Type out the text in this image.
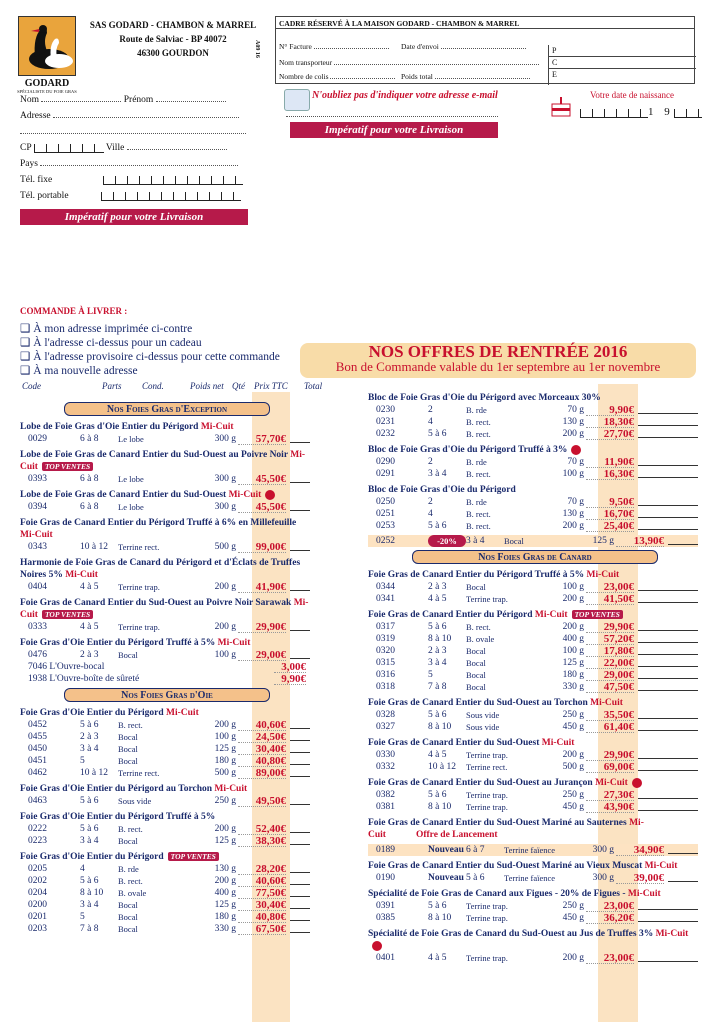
GODARD
SPÉCIALISTE DU FOIE GRAS
SAS GODARD - CHAMBON & MARREL
Route de Salviac - BP 40072
46300 GOURDON	A09 16
CADRE RÉSERVÉ À LA MAISON GODARD - CHAMBON & MARREL
N° Facture	Date d'envoi
Nom transporteur
Nombre de colis	Poids total
P
C
E
Nom	Prénom
Adresse
CP	Ville
Pays
Tél. fixe
Tél. portable
Impératif pour votre Livraison
N'oubliez pas d'indiquer votre adresse e-mail
Impératif pour votre Livraison
Votre date de naissance
1 9
COMMANDE À LIVRER :
❑ À mon adresse imprimée ci-contre
❑ À l'adresse ci-dessus pour un cadeau
❑ À l'adresse provisoire ci-dessus pour cette commande
❑ À ma nouvelle adresse
NOS OFFRES DE RENTRÉE 2016
Bon de Commande valable du 1er septembre au 1er novembre
Code	Parts Cond.	Poids net Qté Prix TTC Total
Nos Foies Gras d'Exception
Lobe de Foie Gras d'Oie Entier du Périgord Mi-Cuit
0029	6 à 8	Le lobe	300 g	57,70€
Lobe de Foie Gras de Canard Entier du Sud-Ouest au Poivre Noir Mi-Cuit TOP VENTES
0393	6 à 8	Le lobe	300 g	45,50€
Lobe de Foie Gras de Canard Entier du Sud-Ouest Mi-Cuit
0394	6 à 8	Le lobe	300 g	45,50€
Foie Gras de Canard Entier du Périgord Truffé à 6% en Millefeuille Mi-Cuit
0343	10 à 12	Terrine rect.	500 g	99,00€
Harmonie de Foie Gras de Canard du Périgord et d'Éclats de Truffes Noires 5% Mi-Cuit
0404	4 à 5	Terrine trap.	200 g	41,90€
Foie Gras de Canard Entier du Sud-Ouest au Poivre Noir Sarawak Mi-Cuit TOP VENTES
0333	4 à 5	Terrine trap.	200 g	29,90€
Foie Gras d'Oie Entier du Périgord Truffé à 5% Mi-Cuit
0476	2 à 3	Bocal	100 g	29,00€
7046 L'Ouvre-bocal	3,00€
1938 L'Ouvre-boîte de sûreté	9,90€
Nos Foies Gras d'Oie
Foie Gras d'Oie Entier du Périgord Mi-Cuit
0452	5 à 6	B. rect.	200 g	40,60€
0455	2 à 3	Bocal	100 g	24,50€
0450	3 à 4	Bocal	125 g	30,40€
0451	5	Bocal	180 g	40,80€
0462	10 à 12	Terrine rect.	500 g	89,00€
Foie Gras d'Oie Entier du Périgord au Torchon Mi-Cuit
0463	5 à 6	Sous vide	250 g	49,50€
Foie Gras d'Oie Entier du Périgord Truffé à 5%
0222	5 à 6	B. rect.	200 g	52,40€
0223	3 à 4	Bocal	125 g	38,30€
Foie Gras d'Oie Entier du Périgord TOP VENTES
0205	4	B. rde	130 g	28,20€
0202	5 à 6	B. rect.	200 g	40,60€
0204	8 à 10	B. ovale	400 g	77,50€
0200	3 à 4	Bocal	125 g	30,40€
0201	5	Bocal	180 g	40,80€
0203	7 à 8	Bocal	330 g	67,50€
Bloc de Foie Gras d'Oie du Périgord avec Morceaux 30%
0230	2	B. rde	70 g	9,90€
0231	4	B. rect.	130 g	18,30€
0232	5 à 6	B. rect.	200 g	27,70€
Bloc de Foie Gras d'Oie du Périgord Truffé à 3%
0290	2	B. rde	70 g	11,90€
0291	3 à 4	B. rect.	100 g	16,30€
Bloc de Foie Gras d'Oie du Périgord
0250	2	B. rde	70 g	9,50€
0251	4	B. rect.	130 g	16,70€
0253	5 à 6	B. rect.	200 g	25,40€
0252	-20% 3 à 4	Bocal	125 g	13,90€
Nos Foies Gras de Canard
Foie Gras de Canard Entier du Périgord Truffé à 5% Mi-Cuit
0344	2 à 3	Bocal	100 g	23,00€
0341	4 à 5	Terrine trap.	200 g	41,50€
Foie Gras de Canard Entier du Périgord Mi-Cuit TOP VENTES
0317	5 à 6	B. rect.	200 g	29,90€
0319	8 à 10	B. ovale	400 g	57,20€
0320	2 à 3	Bocal	100 g	17,80€
0315	3 à 4	Bocal	125 g	22,00€
0316	5	Bocal	180 g	29,00€
0318	7 à 8	Bocal	330 g	47,50€
Foie Gras de Canard Entier du Sud-Ouest au Torchon Mi-Cuit
0328	5 à 6	Sous vide	250 g	35,50€
0327	8 à 10	Sous vide	450 g	61,40€
Foie Gras de Canard Entier du Sud-Ouest Mi-Cuit
0330	4 à 5	Terrine trap.	200 g	29,90€
0332	10 à 12	Terrine rect.	500 g	69,00€
Foie Gras de Canard Entier du Sud-Ouest au Jurançon Mi-Cuit
0382	5 à 6	Terrine trap.	250 g	27,30€
0381	8 à 10	Terrine trap.	450 g	43,90€
Foie Gras de Canard Entier du Sud-Ouest Mariné au Sauternes Mi-Cuit	Offre de Lancement
0189	Nouveau 6 à 7	Terrine faïence	300 g	34,90€
Foie Gras de Canard Entier du Sud-Ouest Mariné au Vieux Muscat Mi-Cuit
0190	Nouveau 5 à 6	Terrine faïence	300 g	39,00€
Spécialité de Foie Gras de Canard aux Figues - 20% de Figues - Mi-Cuit
0391	5 à 6	Terrine trap.	250 g	23,00€
0385	8 à 10	Terrine trap.	450 g	36,20€
Spécialité de Foie Gras de Canard du Sud-Ouest au Jus de Truffes 3% Mi-Cuit
0401	4 à 5	Terrine trap.	200 g	23,00€
